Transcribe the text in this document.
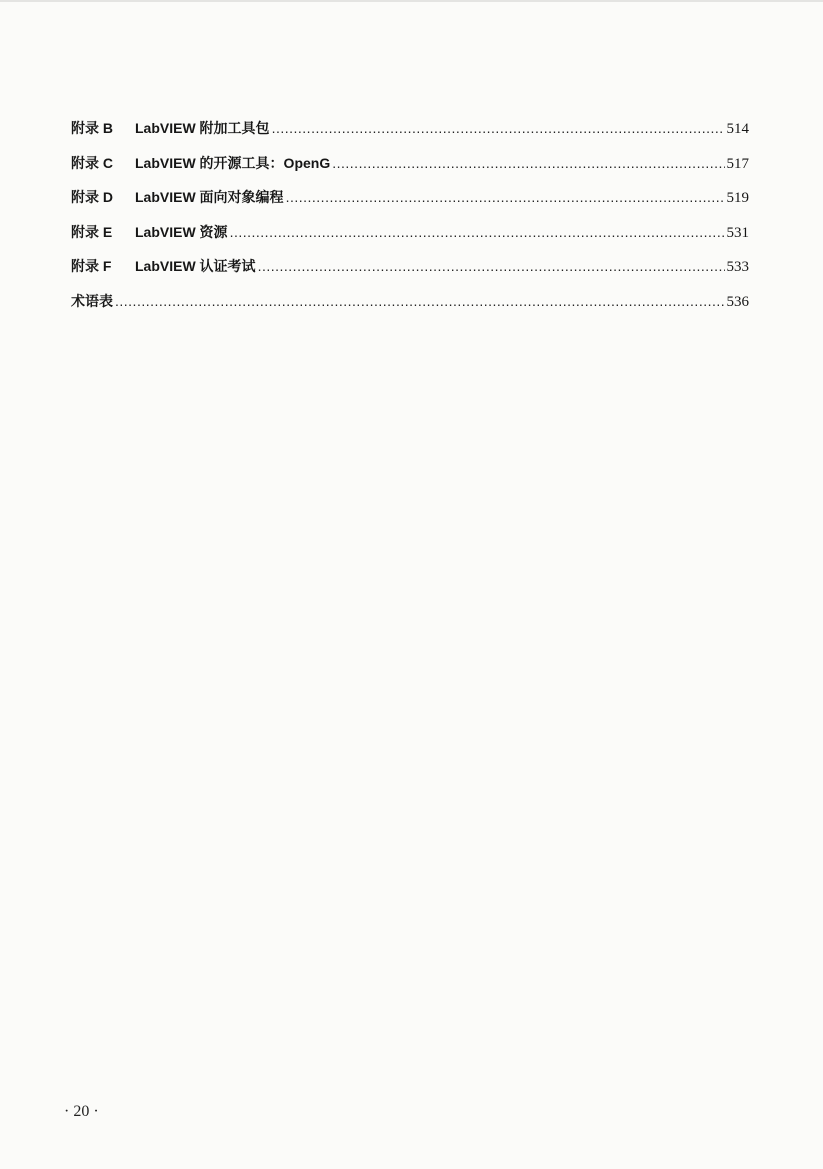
附录 B	LabVIEW 附加工具包 .....	514
附录 C	LabVIEW 的开源工具：OpenG .....	517
附录 D	LabVIEW 面向对象编程 .....	519
附录 E	LabVIEW 资源 .....	531
附录 F	LabVIEW 认证考试 .....	533
术语表 .....	536
· 20 ·
